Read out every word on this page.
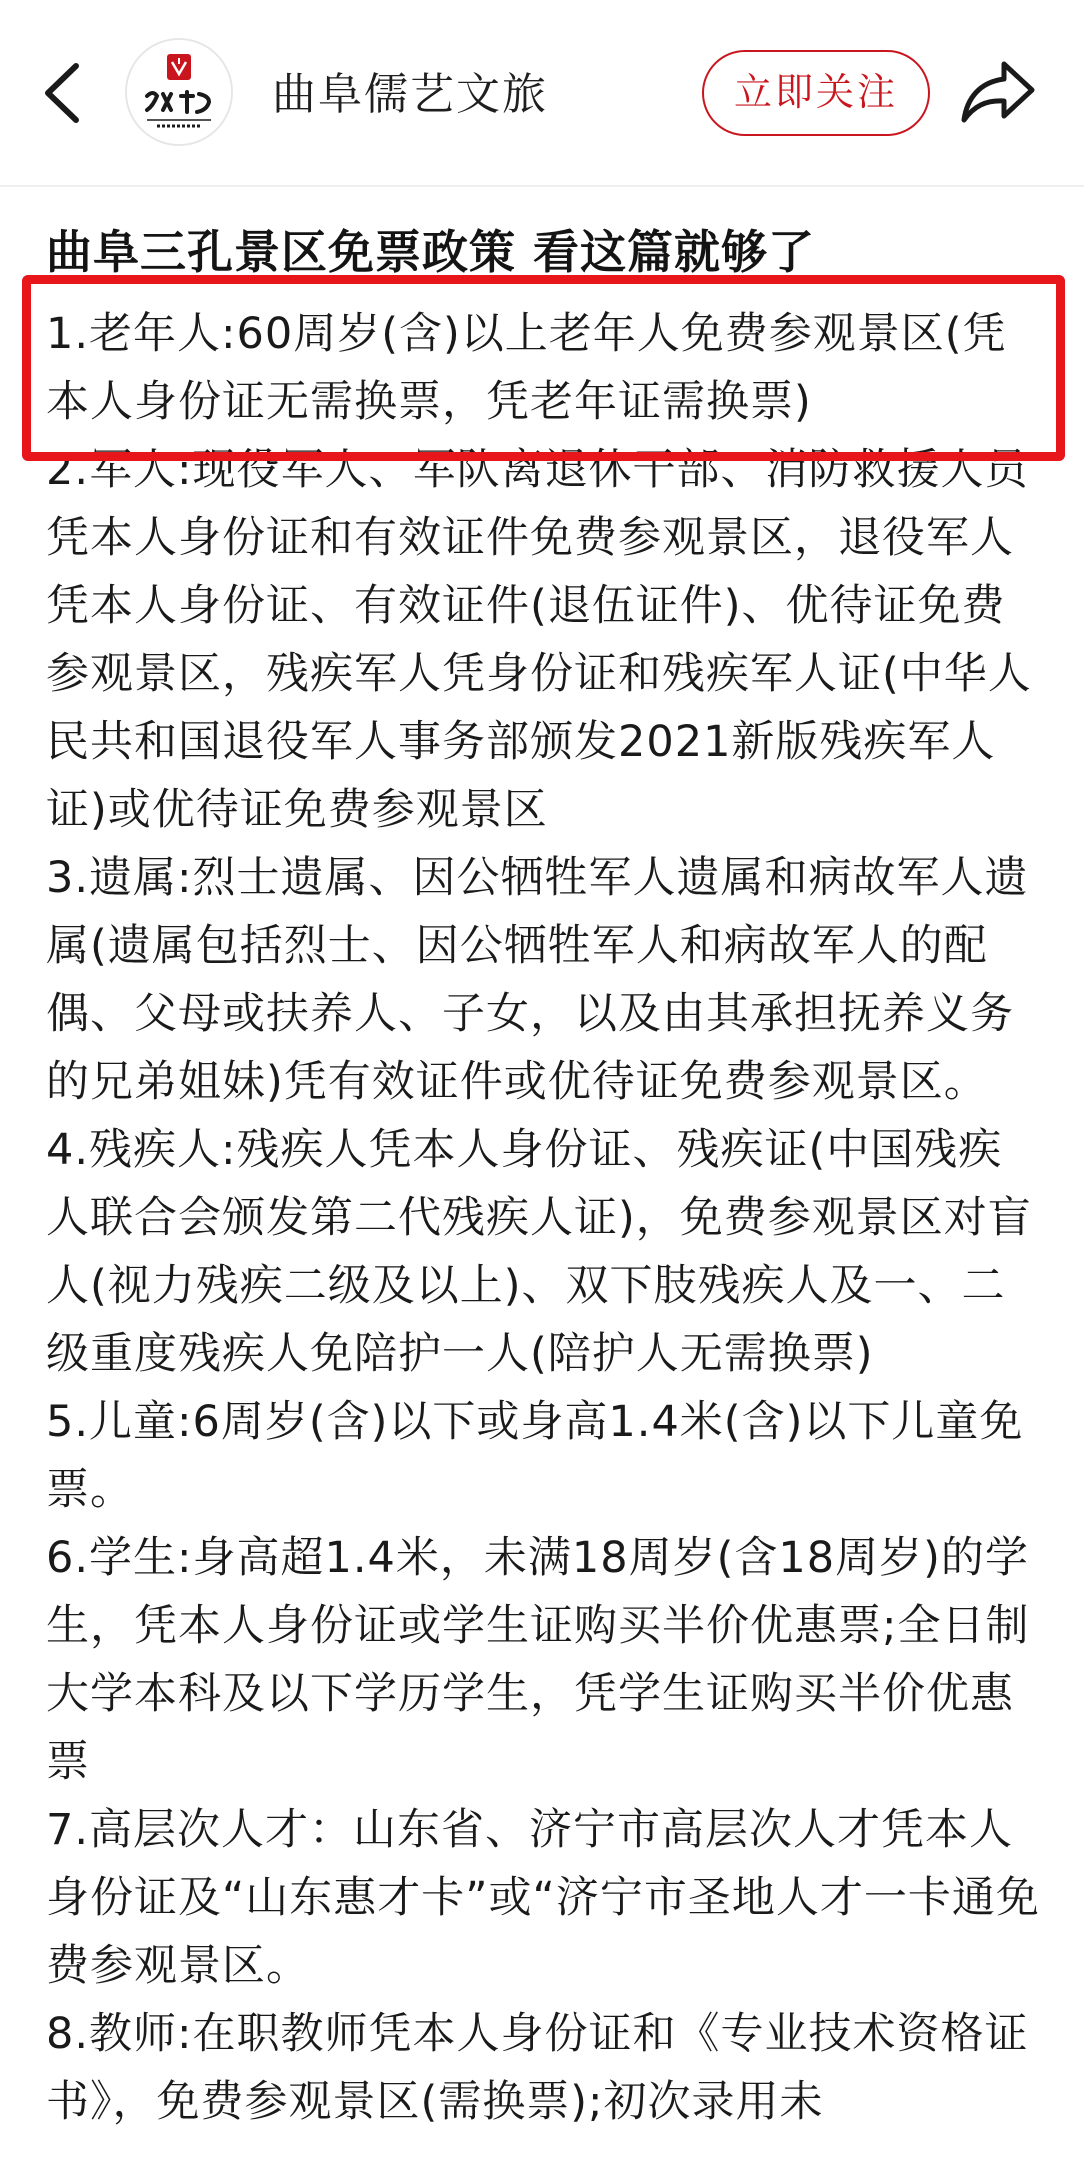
曲阜儒艺文旅	立即关注
曲阜三孔景区免票政策 看这篇就够了

1.老年人:60周岁(含)以上老年人免费参观景区(凭本人身份证无需换票，凭老年证需换票)

2.军人:现役军人、军队离退休干部、消防救援人员凭本人身份证和有效证件免费参观景区，退役军人凭本人身份证、有效证件(退伍证件)、优待证免费参观景区，残疾军人凭身份证和残疾军人证(中华人民共和国退役军人事务部颁发2021新版残疾军人证)或优待证免费参观景区

3.遗属:烈士遗属、因公牺牲军人遗属和病故军人遗属(遗属包括烈士、因公牺牲军人和病故军人的配偶、父母或扶养人、子女，以及由其承担抚养义务的兄弟姐妹)凭有效证件或优待证免费参观景区。

4.残疾人:残疾人凭本人身份证、残疾证(中国残疾人联合会颁发第二代残疾人证)，免费参观景区对盲人(视力残疾二级及以上)、双下肢残疾人及一、二级重度残疾人免陪护一人(陪护人无需换票)

5.儿童:6周岁(含)以下或身高1.4米(含)以下儿童免票。

6.学生:身高超1.4米，未满18周岁(含18周岁)的学生，凭本人身份证或学生证购买半价优惠票;全日制大学本科及以下学历学生，凭学生证购买半价优惠票

7.高层次人才：山东省、济宁市高层次人才凭本人身份证及“山东惠才卡”或“济宁市圣地人才一卡通免费参观景区。

8.教师:在职教师凭本人身份证和《专业技术资格证书》，免费参观景区(需换票);初次录用未
